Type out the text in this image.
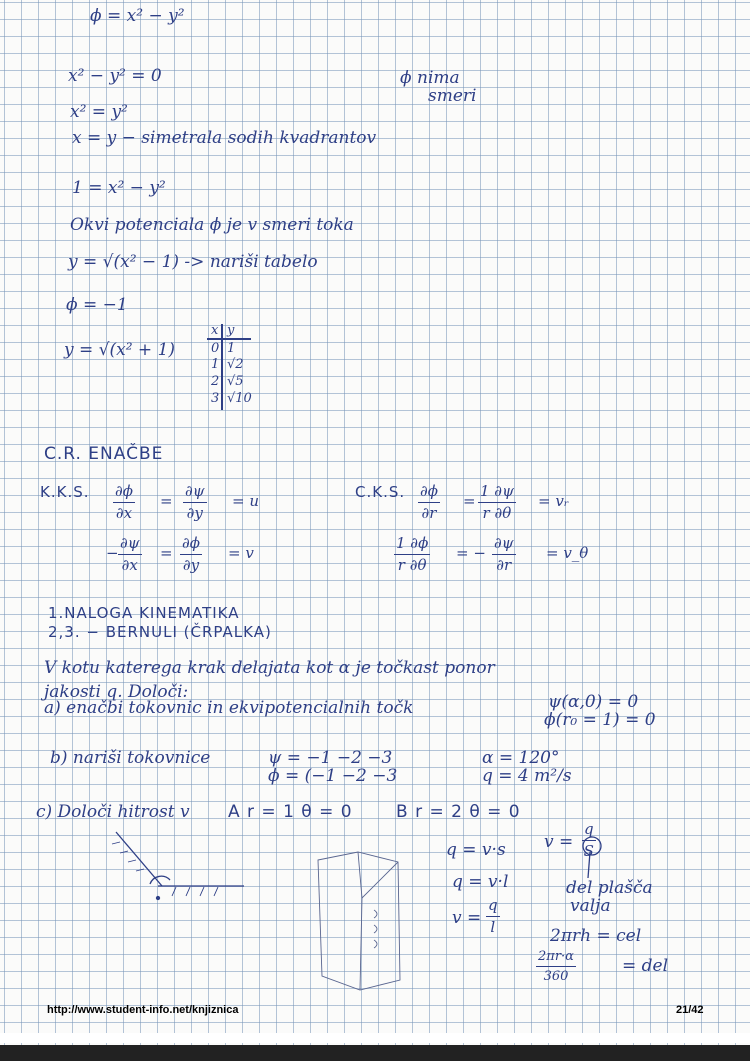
ϕ = x² − y²
ϕ nima
smeri
x² − y² = 0
x² = y²
x = y − simetrala sodih kvadrantov
1 = x² − y²
Okvi potenciala ϕ je v smeri toka
y = √(x² − 1) -> nariši tabelo
ϕ = −1
y = √(x² + 1)
x y
0 1
1 √2
2 √5
3 √10
C.R. ENAČBE
K.K.S.	C.K.S.
$\frac{\partial\phi}{\partial x} = \frac{\partial\psi}{\partial y} = u$
− $\frac{\partial\psi}{\partial x} = \frac{\partial\phi}{\partial y} = v$
$\frac{\partial\phi}{\partial r} = \frac{1 \partial\psi}{r \partial\theta}$ = vᵣ
$\frac{1 \partial\phi}{r \partial\theta}$ = − $\frac{\partial\psi}{\partial r}$ = v_θ
1.NALOGA KINEMATIKA
2,3. − BERNULI (ČRPALKA)
V kotu katerega krak delajata kot α je točkast ponor
jakosti q. Določi:
a) enačbi tokovnic in ekvipotencialnih točk	ψ(α,0) = 0
ϕ(r₀ = 1) = 0
b) nariši tokovnice	ψ = −1 −2 −3
ϕ = (−1 −2 −3
α = 120°
q = 4 m²/s
c) Določi hitrost v A r = 1 θ = 0	B r = 2 θ = 0
q = v·s
q = v·l
$v = \frac{q}{l}$
$v = \frac{q}{S}$
del plašča
valja
2πrh = cel
$\frac{2\pi r\cdot\alpha}{360}$	= del
http://www.student-info.net/knjiznica	21/42
